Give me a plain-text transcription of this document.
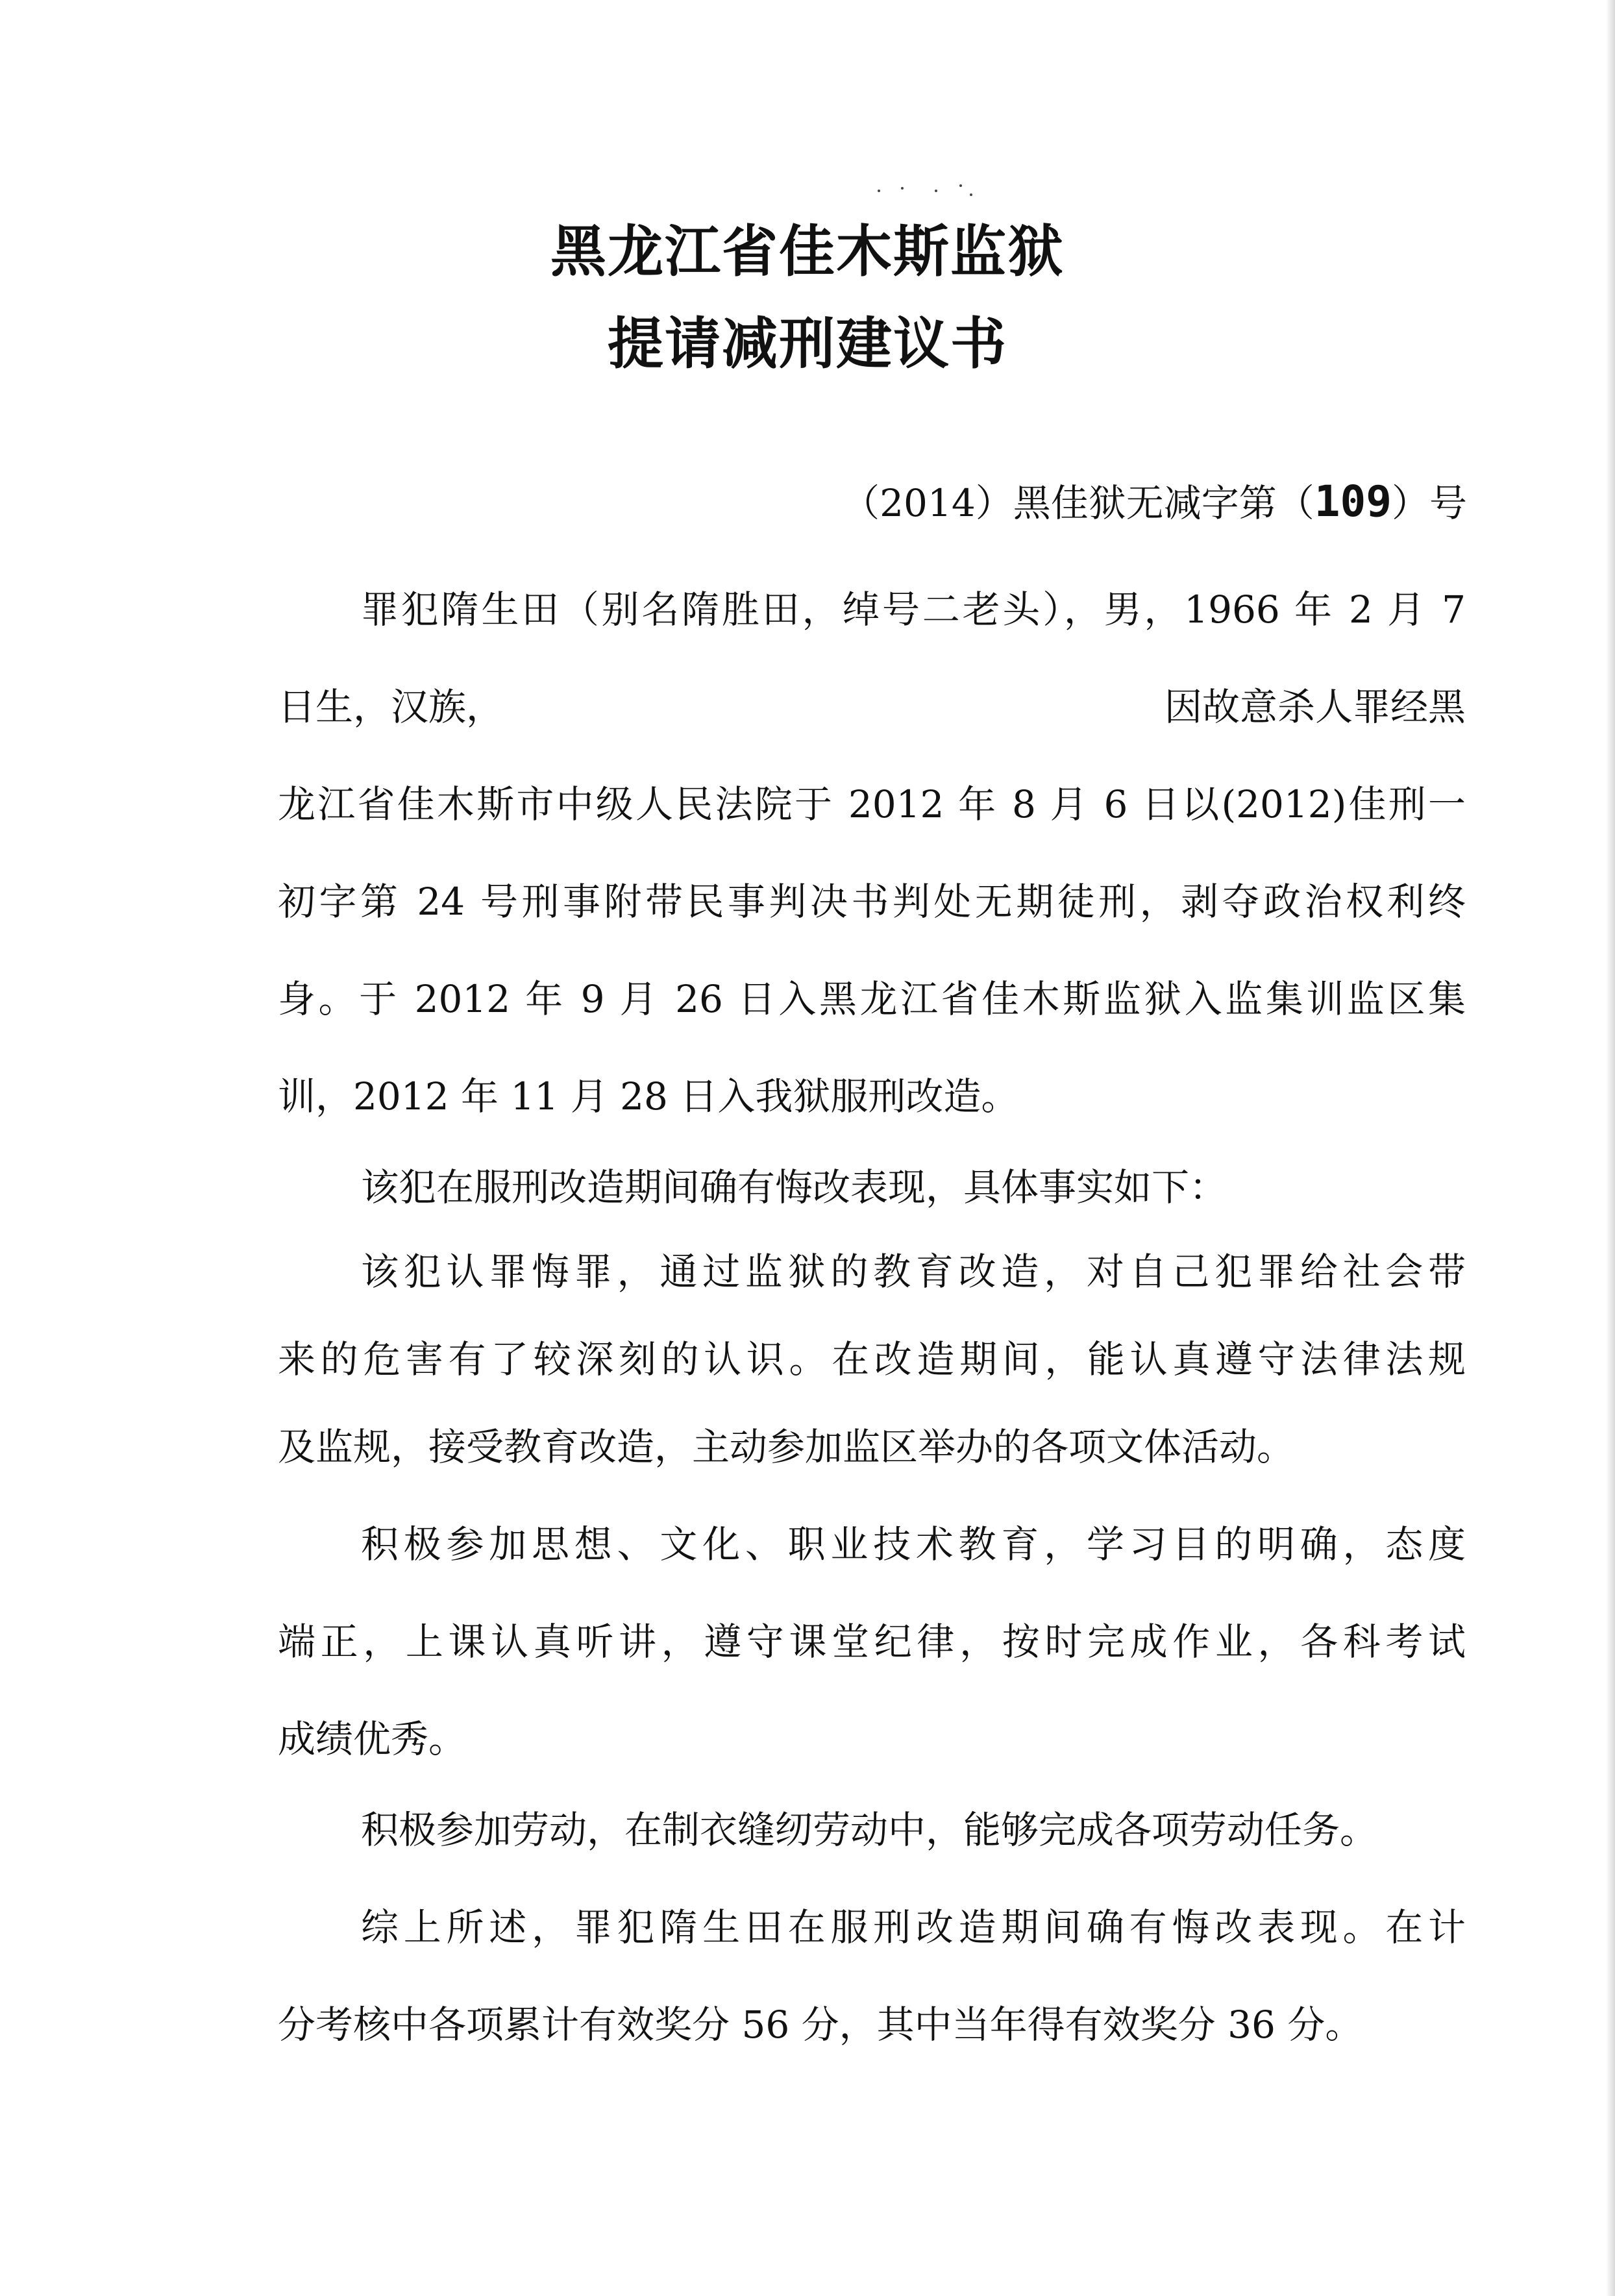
黑龙江省佳木斯监狱
提请减刑建议书
（2014）黑佳狱无减字第（109）号
罪犯隋生田（别名隋胜田，绰号二老头），男，1966 年 2 月 7
日生，汉族，	因故意杀人罪经黑
龙江省佳木斯市中级人民法院于 2012 年 8 月 6 日以(2012)佳刑一
初字第 24 号刑事附带民事判决书判处无期徒刑，剥夺政治权利终
身。于 2012 年 9 月 26 日入黑龙江省佳木斯监狱入监集训监区集
训，2012 年 11 月 28 日入我狱服刑改造。
该犯在服刑改造期间确有悔改表现，具体事实如下：
该犯认罪悔罪，通过监狱的教育改造，对自己犯罪给社会带
来的危害有了较深刻的认识。在改造期间，能认真遵守法律法规
及监规，接受教育改造，主动参加监区举办的各项文体活动。
积极参加思想、文化、职业技术教育，学习目的明确，态度
端正，上课认真听讲，遵守课堂纪律，按时完成作业，各科考试
成绩优秀。
积极参加劳动，在制衣缝纫劳动中，能够完成各项劳动任务。
综上所述，罪犯隋生田在服刑改造期间确有悔改表现。在计
分考核中各项累计有效奖分 56 分，其中当年得有效奖分 36 分。
